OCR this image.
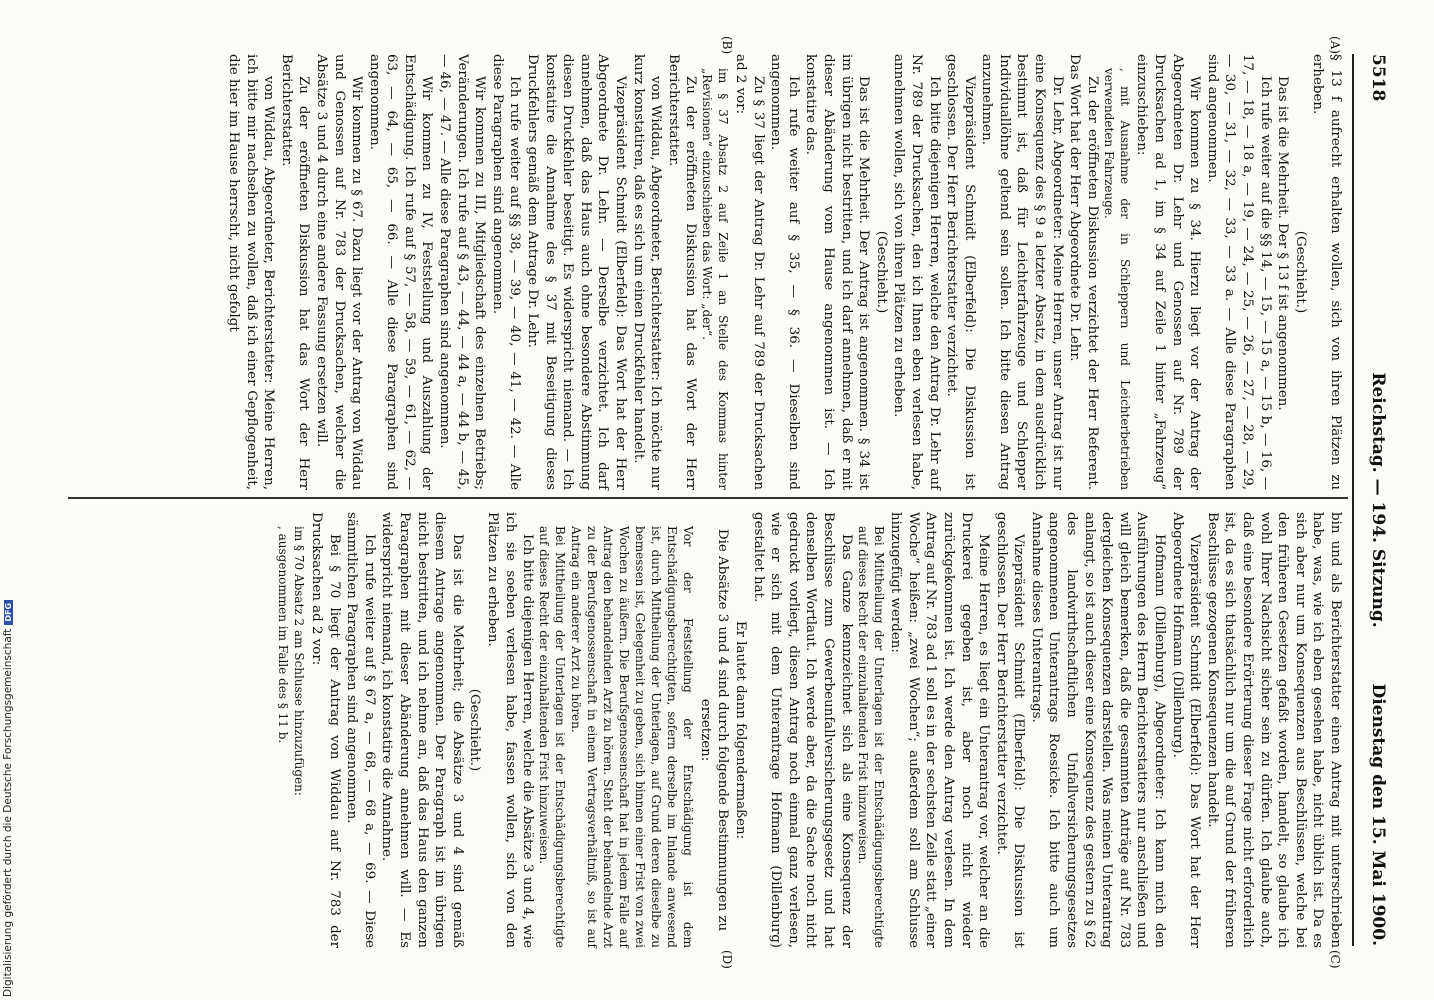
5518
Reichstag. — 194. Sitzung.
Dienstag den 15. Mai 1900.
(A)
(B)
(C)
(D)

§ 13 f aufrecht erhalten wollen, sich von ihren Plätzen zu erheben.

(Geschieht.)

Das ist die Mehrheit. Der § 13 f ist angenommen.

Ich rufe weiter auf die §§ 14, — 15, — 15 a, — 15 b, — 16, — 17, — 18, — 18 a, — 19, — 24, — 25, — 26, — 27, — 28, — 29, — 30, — 31, — 32, — 33, — 33 a. — Alle diese Paragraphen sind angenommen.

Wir kommen zu § 34. Hierzu liegt vor der Antrag der Abgeordneten Dr. Lehr und Genossen auf Nr. 789 der Drucksachen ad 1, im § 34 auf Zeile 1 hinter „Fahrzeug“ einzuschieben:

, mit Ausnahme der in Schleppern und Leichterbetrieben verwendeten Fahrzeuge.

Zu der eröffneten Diskussion verzichtet der Herr Referent. Das Wort hat der Herr Abgeordnete Dr. Lehr.

Dr. Lehr, Abgeordneter: Meine Herren, unser Antrag ist nur eine Konsequenz des § 9 a letzter Absatz, in dem ausdrücklich bestimmt ist, daß für Leichterfahrzeuge und Schlepper Individuallöhne geltend sein sollen. Ich bitte diesen Antrag anzunehmen.

Vizepräsident Schmidt (Elberfeld): Die Diskussion ist geschlossen. Der Herr Berichterstatter verzichtet.

Ich bitte diejenigen Herren, welche den Antrag Dr. Lehr auf Nr. 789 der Drucksachen, den ich Ihnen eben verlesen habe, annehmen wollen, sich von ihren Plätzen zu erheben.

(Geschieht.)

Das ist die Mehrheit. Der Antrag ist angenommen. § 34 ist im übrigen nicht bestritten, und ich darf annehmen, daß er mit dieser Abänderung vom Hause angenommen ist. — Ich konstatire das.

Ich rufe weiter auf § 35, — § 36. — Dieselben sind angenommen.

Zu § 37 liegt der Antrag Dr. Lehr auf 789 der Drucksachen ad 2 vor:

im § 37 Absatz 2 auf Zeile 1 an Stelle des Kommas hinter „Revisionen“ einzuschieben das Wort: „der“.

Zu der eröffneten Diskussion hat das Wort der Herr Berichterstatter.

von Widdau, Abgeordneter, Berichterstatter: Ich möchte nur kurz konstatiren, daß es sich um einen Druckfehler handelt.

Vizepräsident Schmidt (Elberfeld): Das Wort hat der Herr Abgeordnete Dr. Lehr. — Derselbe verzichtet. Ich darf annehmen, daß das Haus auch ohne besondere Abstimmung diesen Druckfehler beseitigt. Es widerspricht niemand. — Ich konstatire die Annahme des § 37 mit Beseitigung dieses Druckfehlers gemäß dem Antrage Dr. Lehr.

Ich rufe weiter auf §§ 38, — 39, — 40, — 41, — 42. — Alle diese Paragraphen sind angenommen.

Wir kommen zu III, Mitgliedschaft des einzelnen Betriebs; Veränderungen. Ich rufe auf § 43, — 44, — 44 a, — 44 b, — 45, — 46, — 47. — Alle diese Paragraphen sind angenommen.

Wir kommen zu IV, Feststellung und Auszahlung der Entschädigung. Ich rufe auf § 57, — 58, — 59, — 61, — 62, — 63, — 64, — 65, — 66. — Alle diese Paragraphen sind angenommen.

Wir kommen zu § 67. Dazu liegt vor der Antrag von Widdau und Genossen auf Nr. 783 der Drucksachen, welcher die Absätze 3 und 4 durch eine andere Fassung ersetzen will.

Zu der eröffneten Diskussion hat das Wort der Herr Berichterstatter.

von Widdau, Abgeordneter, Berichterstatter: Meine Herren, ich bitte mir nachsehen zu wollen, daß ich einer Gepflogenheit, die hier im Hause herrscht, nicht gefolgt

bin und als Berichterstatter einen Antrag mit unterschrieben habe, was, wie ich eben gesehen habe, nicht üblich ist. Da es sich aber nur um Konsequenzen aus Beschlüssen, welche bei den früheren Gesetzen gefaßt worden, handelt, so glaube ich wohl Ihrer Nachsicht sicher sein zu dürfen. Ich glaube auch, daß eine besondere Erörterung dieser Frage nicht erforderlich ist, da es sich thatsächlich nur um die auf Grund der früheren Beschlüsse gezogenen Konsequenzen handelt.

Vizepräsident Schmidt (Elberfeld): Das Wort hat der Herr Abgeordnete Hofmann (Dillenburg).

Hofmann (Dillenburg), Abgeordneter: Ich kann mich den Ausführungen des Herrn Berichterstatters nur anschließen und will gleich bemerken, daß die gesammten Anträge auf Nr. 783 dergleichen Konsequenzen darstellen. Was meinen Unterantrag anlangt, so ist auch dieser eine Konsequenz des gestern zu § 62 des landwirthschaftlichen Unfallversicherungsgesetzes angenommenen Unterantrags Roesicke. Ich bitte auch um Annahme dieses Unterantrags.

Vizepräsident Schmidt (Elberfeld): Die Diskussion ist geschlossen. Der Herr Berichterstatter verzichtet.

Meine Herren, es liegt ein Unterantrag vor, welcher an die Druckerei gegeben ist, aber noch nicht wieder zurückgekommen ist. Ich werde den Antrag verlesen. In dem Antrag auf Nr. 783 ad 1 soll es in der sechsten Zeile statt „einer Woche“ heißen: „zwei Wochen“; außerdem soll am Schlusse hinzugefügt werden:

Bei Mittheilung der Unterlagen ist der Entschädigungsberechtigte auf dieses Recht der einzuhaltenden Frist hinzuweisen.

Das Ganze kennzeichnet sich als eine Konsequenz der Beschlüsse zum Gewerbeunfallversicherungsgesetz und hat denselben Wortlaut. Ich werde aber, da die Sache noch nicht gedruckt vorliegt, diesen Antrag noch einmal ganz verlesen, wie er sich mit dem Unterantrage Hofmann (Dillenburg) gestaltet hat.

Er lautet dann folgendermaßen:

Die Absätze 3 und 4 sind durch folgende Bestimmungen zu ersetzen:

Vor der Feststellung der Entschädigung ist dem Entschädigungsberechtigten, sofern derselbe im Inlande anwesend ist, durch Mittheilung der Unterlagen, auf Grund deren dieselbe zu bemessen ist, Gelegenheit zu geben, sich binnen einer Frist von zwei Wochen zu äußern. Die Berufsgenossenschaft hat in jedem Falle auf Antrag den behandelnden Arzt zu hören. Steht der behandelnde Arzt zu der Berufsgenossenschaft in einem Vertragsverhältniß, so ist auf Antrag ein anderer Arzt zu hören.

Bei Mittheilung der Unterlagen ist der Entschädigungsberechtigte auf dieses Recht der einzuhaltenden Frist hinzuweisen.

Ich bitte diejenigen Herren, welche die Absätze 3 und 4, wie ich sie soeben verlesen habe, fassen wollen, sich von den Plätzen zu erheben.

(Geschieht.)

Das ist die Mehrheit; die Absätze 3 und 4 sind gemäß diesem Antrage angenommen. Der Paragraph ist im übrigen nicht bestritten, und ich nehme an, daß das Haus den ganzen Paragraphen mit dieser Abänderung annehmen will. — Es widerspricht niemand, ich konstatire die Annahme.

Ich rufe weiter auf § 67 a, — 68, — 68 a, — 69. — Diese sämmtlichen Paragraphen sind angenommen.

Bei § 70 liegt der Antrag von Widdau auf Nr. 783 der Drucksachen ad 2 vor:

im § 70 Absatz 2 am Schlusse hinzuzufügen:

, ausgenommen im Falle des § 11 b.

Digitalisierung gefördert durch die Deutsche ForschungsgemeinschaftDFG
